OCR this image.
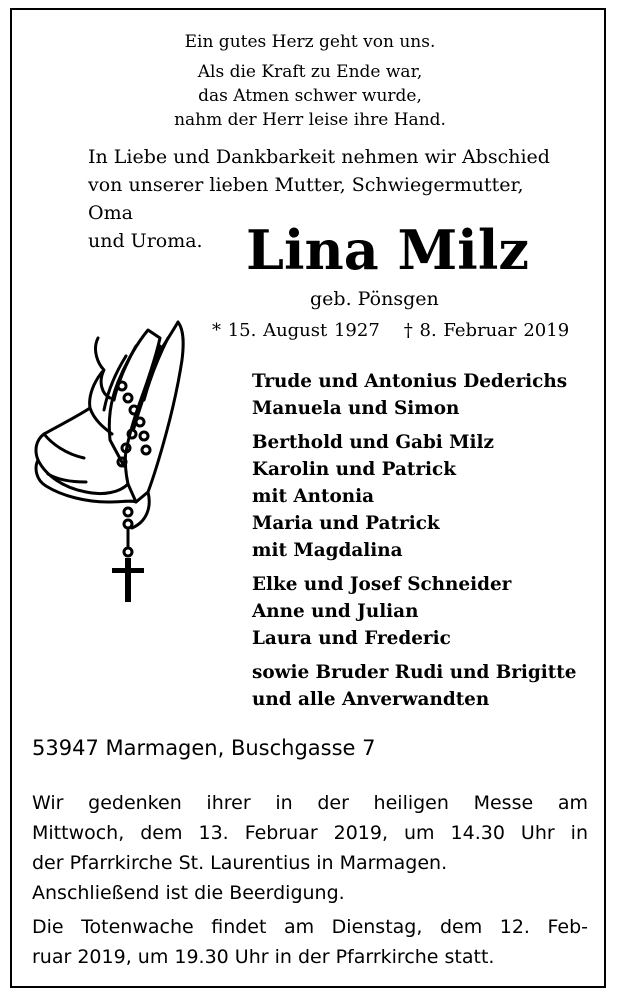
Ein gutes Herz geht von uns.
Als die Kraft zu Ende war,
das Atmen schwer wurde,
nahm der Herr leise ihre Hand.
In Liebe und Dankbarkeit nehmen wir Abschied
von unserer lieben Mutter, Schwiegermutter, Oma
und Uroma. Lina Milz
geb. Pönsgen
* 15. August 1927 † 8. Februar 2019
Trude und Antonius Dederichs
Manuela und Simon
Berthold und Gabi Milz
Karolin und Patrick
mit Antonia
Maria und Patrick
mit Magdalina
Elke und Josef Schneider
Anne und Julian
Laura und Frederic
sowie Bruder Rudi und Brigitte
und alle Anverwandten
53947 Marmagen, Buschgasse 7
Wir gedenken ihrer in der heiligen Messe am
Mittwoch, dem 13. Februar 2019, um 14.30 Uhr in
der Pfarrkirche St. Laurentius in Marmagen.
Anschließend ist die Beerdigung.
Die Totenwache findet am Dienstag, dem 12. Feb-
ruar 2019, um 19.30 Uhr in der Pfarrkirche statt.
